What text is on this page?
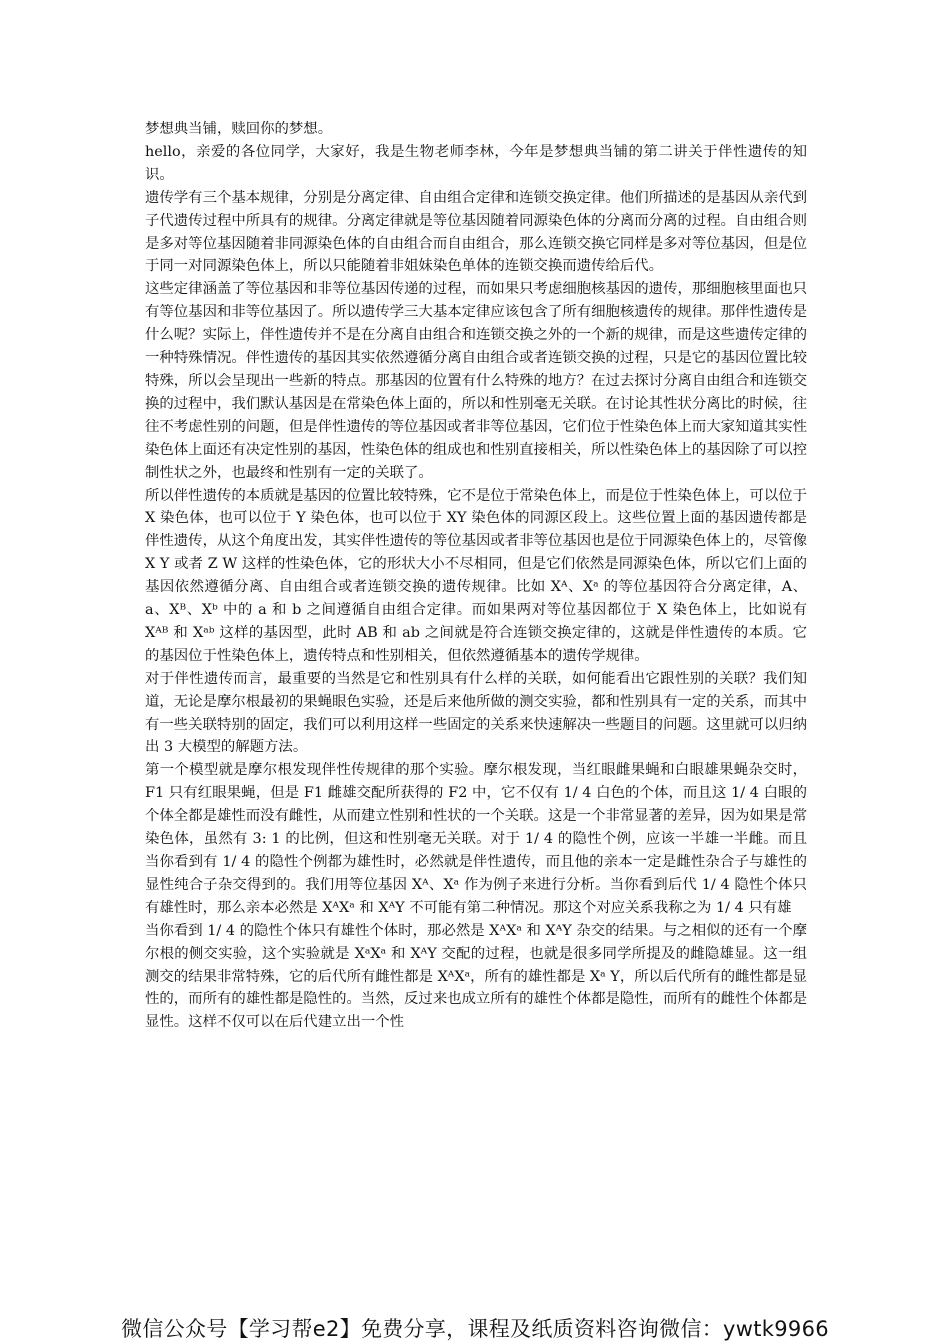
梦想典当铺，赎回你的梦想。

hello，亲爱的各位同学，大家好，我是生物老师李林，今年是梦想典当铺的第二讲关于伴性遗传的知识。

遗传学有三个基本规律，分别是分离定律、自由组合定律和连锁交换定律。他们所描述的是基因从亲代到子代遗传过程中所具有的规律。分离定律就是等位基因随着同源染色体的分离而分离的过程。自由组合则是多对等位基因随着非同源染色体的自由组合而自由组合，那么连锁交换它同样是多对等位基因，但是位于同一对同源染色体上，所以只能随着非姐妹染色单体的连锁交换而遗传给后代。

这些定律涵盖了等位基因和非等位基因传递的过程，而如果只考虑细胞核基因的遗传，那细胞核里面也只有等位基因和非等位基因了。所以遗传学三大基本定律应该包含了所有细胞核遗传的规律。那伴性遗传是什么呢？实际上，伴性遗传并不是在分离自由组合和连锁交换之外的一个新的规律，而是这些遗传定律的一种特殊情况。伴性遗传的基因其实依然遵循分离自由组合或者连锁交换的过程，只是它的基因位置比较特殊，所以会呈现出一些新的特点。那基因的位置有什么特殊的地方？在过去探讨分离自由组合和连锁交换的过程中，我们默认基因是在常染色体上面的，所以和性别毫无关联。在讨论其性状分离比的时候，往往不考虑性别的问题，但是伴性遗传的等位基因或者非等位基因，它们位于性染色体上而大家知道其实性染色体上面还有决定性别的基因，性染色体的组成也和性别直接相关，所以性染色体上的基因除了可以控制性状之外，也最终和性别有一定的关联了。

所以伴性遗传的本质就是基因的位置比较特殊，它不是位于常染色体上，而是位于性染色体上，可以位于 X 染色体，也可以位于 Y 染色体，也可以位于 XY 染色体的同源区段上。这些位置上面的基因遗传都是伴性遗传，从这个角度出发，其实伴性遗传的等位基因或者非等位基因也是位于同源染色体上的，尽管像 X Y 或者 Z W 这样的性染色体，它的形状大小不尽相同，但是它们依然是同源染色体，所以它们上面的基因依然遵循分离、自由组合或者连锁交换的遗传规律。比如 Xᴬ、Xᵃ 的等位基因符合分离定律，A、a、Xᴮ、Xᵇ 中的 a 和 b 之间遵循自由组合定律。而如果两对等位基因都位于 X 染色体上，比如说有 Xᴬᴮ 和 Xᵃᵇ 这样的基因型，此时 AB 和 ab 之间就是符合连锁交换定律的，这就是伴性遗传的本质。它的基因位于性染色体上，遗传特点和性别相关，但依然遵循基本的遗传学规律。

对于伴性遗传而言，最重要的当然是它和性别具有什么样的关联，如何能看出它跟性别的关联？我们知道，无论是摩尔根最初的果蝇眼色实验，还是后来他所做的测交实验，都和性别具有一定的关系，而其中有一些关联特别的固定，我们可以利用这样一些固定的关系来快速解决一些题目的问题。这里就可以归纳出 3 大模型的解题方法。

第一个模型就是摩尔根发现伴性传规律的那个实验。摩尔根发现，当红眼雌果蝇和白眼雄果蝇杂交时， F1 只有红眼果蝇，但是 F1 雌雄交配所获得的 F2 中，它不仅有 1/ 4 白色的个体，而且这 1/ 4 白眼的个体全都是雄性而没有雌性，从而建立性别和性状的一个关联。这是一个非常显著的差异，因为如果是常染色体，虽然有 3: 1 的比例，但这和性别毫无关联。对于 1/ 4 的隐性个例，应该一半雄一半雌。而且当你看到有 1/ 4 的隐性个例都为雄性时，必然就是伴性遗传，而且他的亲本一定是雌性杂合子与雄性的显性纯合子杂交得到的。我们用等位基因 Xᴬ、Xᵃ 作为例子来进行分析。当你看到后代 1/ 4 隐性个体只有雄性时，那么亲本必然是 XᴬXᵃ 和 XᴬY 不可能有第二种情况。那这个对应关系我称之为 1/ 4 只有雄

当你看到 1/ 4 的隐性个体只有雄性个体时，那必然是 XᴬXᵃ 和 XᴬY 杂交的结果。与之相似的还有一个摩尔根的侧交实验，这个实验就是 XᵃXᵃ 和 XᴬY 交配的过程，也就是很多同学所提及的雌隐雄显。这一组测交的结果非常特殊，它的后代所有雌性都是 XᴬXᵃ，所有的雄性都是 Xᵃ Y，所以后代所有的雌性都是显性的，而所有的雄性都是隐性的。当然，反过来也成立所有的雄性个体都是隐性，而所有的雌性个体都是显性。这样不仅可以在后代建立出一个性

微信公众号【学习帮e2】免费分享，课程及纸质资料咨询微信：ywtk9966
